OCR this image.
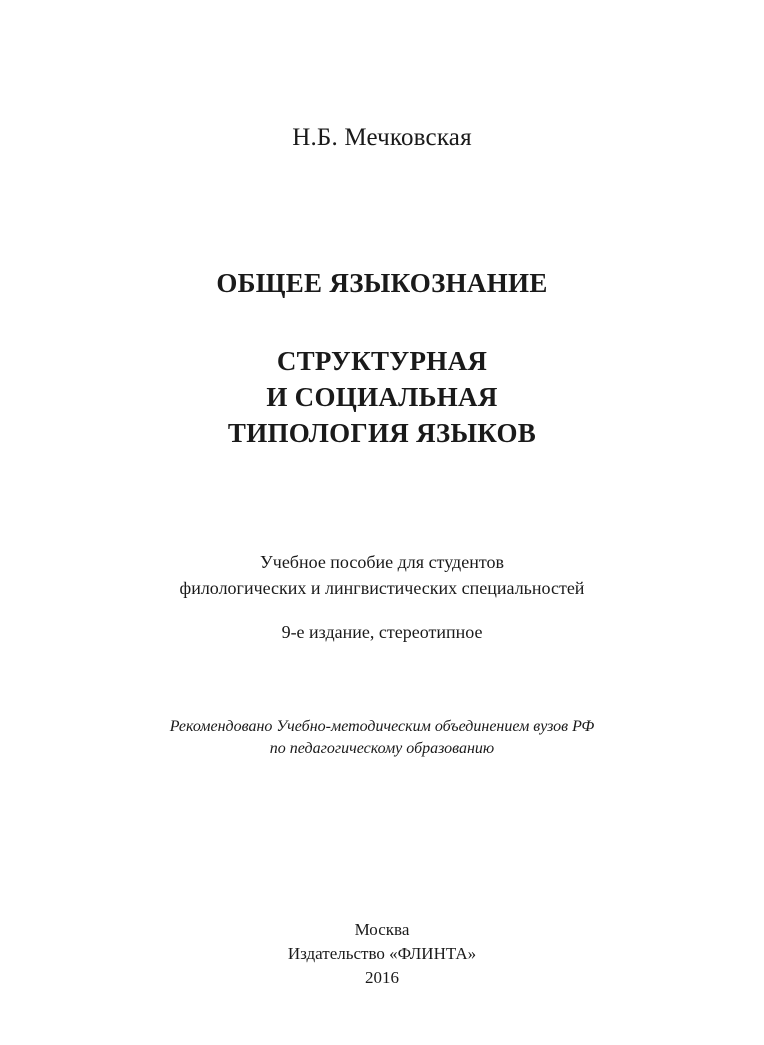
Н.Б. Мечковская
ОБЩЕЕ ЯЗЫКОЗНАНИЕ
СТРУКТУРНАЯ
И СОЦИАЛЬНАЯ
ТИПОЛОГИЯ ЯЗЫКОВ
Учебное пособие для студентов
филологических и лингвистических специальностей
9-е издание, стереотипное
Рекомендовано Учебно-методическим объединением вузов РФ
по педагогическому образованию
Москва
Издательство «ФЛИНТА»
2016
